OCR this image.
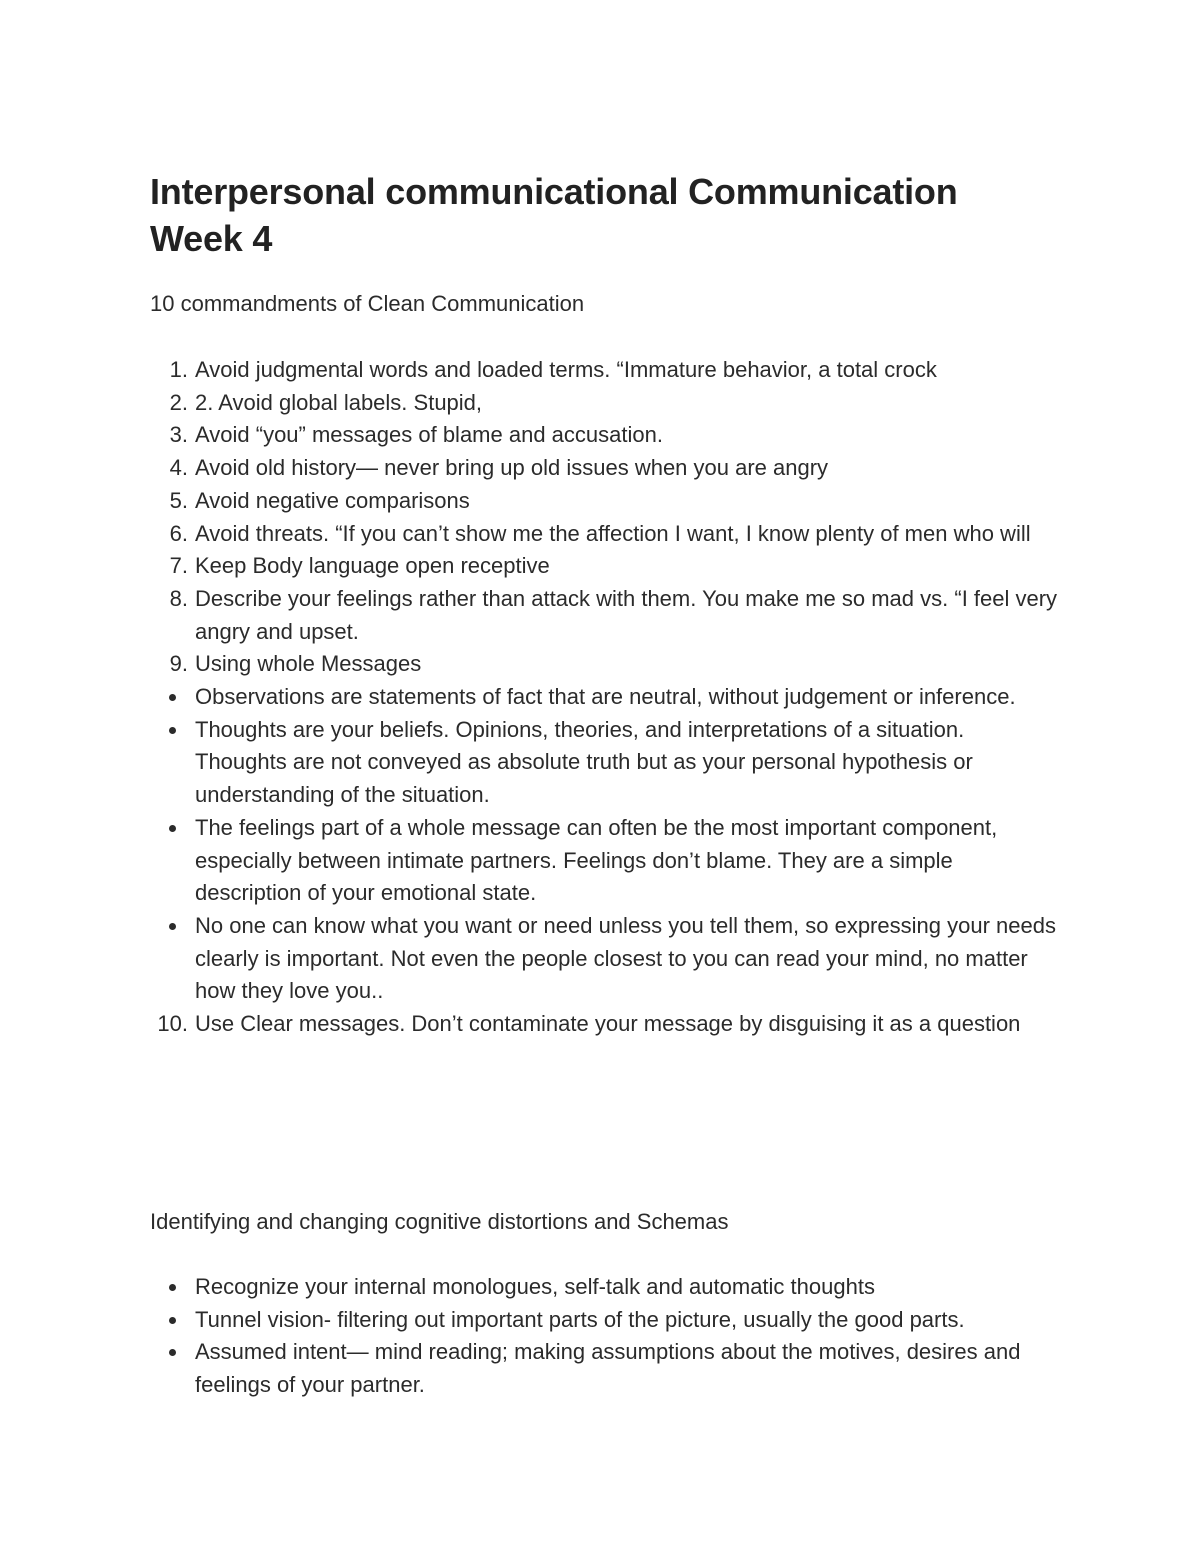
Interpersonal communicational Communication
Week 4

10 commandments of Clean Communication

1. Avoid judgmental words and loaded terms. “Immature behavior, a total crock
2. 2. Avoid global labels. Stupid,
3. Avoid “you” messages of blame and accusation.
4. Avoid old history— never bring up old issues when you are angry
5. Avoid negative comparisons
6. Avoid threats. “If you can’t show me the affection I want, I know plenty of men who will
7. Keep Body language open receptive
8. Describe your feelings rather than attack with them. You make me so mad vs. “I feel very angry and upset.
9. Using whole Messages
Observations are statements of fact that are neutral, without judgement or inference.
Thoughts are your beliefs. Opinions, theories, and interpretations of a situation. Thoughts are not conveyed as absolute truth but as your personal hypothesis or understanding of the situation.
The feelings part of a whole message can often be the most important component, especially between intimate partners. Feelings don’t blame. They are a simple description of your emotional state.
No one can know what you want or need unless you tell them, so expressing your needs clearly is important. Not even the people closest to you can read your mind, no matter how they love you..
10. Use Clear messages. Don’t contaminate your message by disguising it as a question

Identifying and changing cognitive distortions and Schemas

Recognize your internal monologues, self-talk and automatic thoughts
Tunnel vision- filtering out important parts of the picture, usually the good parts.
Assumed intent— mind reading; making assumptions about the motives, desires and feelings of your partner.
